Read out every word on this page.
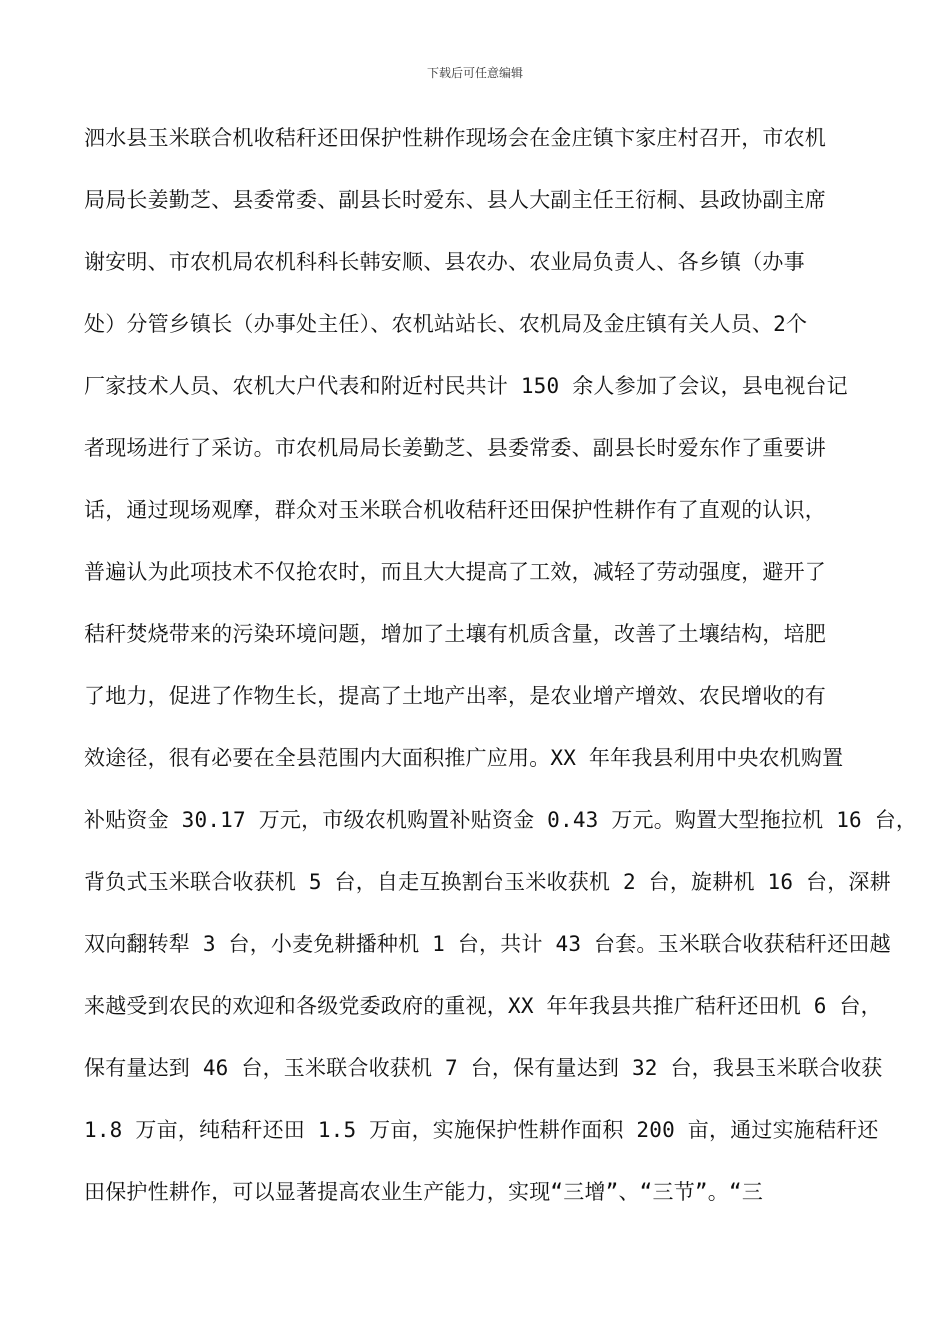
下载后可任意编辑
泗水县玉米联合机收秸秆还田保护性耕作现场会在金庄镇卞家庄村召开，市农机
局局长姜勤芝、县委常委、副县长时爱东、县人大副主任王衍桐、县政协副主席
谢安明、市农机局农机科科长韩安顺、县农办、农业局负责人、各乡镇（办事
处）分管乡镇长（办事处主任）、农机站站长、农机局及金庄镇有关人员、2个
厂家技术人员、农机大户代表和附近村民共计 150 余人参加了会议，县电视台记
者现场进行了采访。市农机局局长姜勤芝、县委常委、副县长时爱东作了重要讲
话，通过现场观摩，群众对玉米联合机收秸秆还田保护性耕作有了直观的认识，
普遍认为此项技术不仅抢农时，而且大大提高了工效，减轻了劳动强度，避开了
秸秆焚烧带来的污染环境问题，增加了土壤有机质含量，改善了土壤结构，培肥
了地力，促进了作物生长，提高了土地产出率，是农业增产增效、农民增收的有
效途径，很有必要在全县范围内大面积推广应用。XX 年年我县利用中央农机购置
补贴资金 30.17 万元，市级农机购置补贴资金 0.43 万元。购置大型拖拉机 16 台，
背负式玉米联合收获机 5 台，自走互换割台玉米收获机 2 台，旋耕机 16 台，深耕
双向翻转犁 3 台，小麦免耕播种机 1 台，共计 43 台套。玉米联合收获秸秆还田越
来越受到农民的欢迎和各级党委政府的重视，XX 年年我县共推广秸秆还田机 6 台，
保有量达到 46 台，玉米联合收获机 7 台，保有量达到 32 台，我县玉米联合收获
1.8 万亩，纯秸秆还田 1.5 万亩，实施保护性耕作面积 200 亩，通过实施秸秆还
田保护性耕作，可以显著提高农业生产能力，实现“三增”、“三节”。“三
